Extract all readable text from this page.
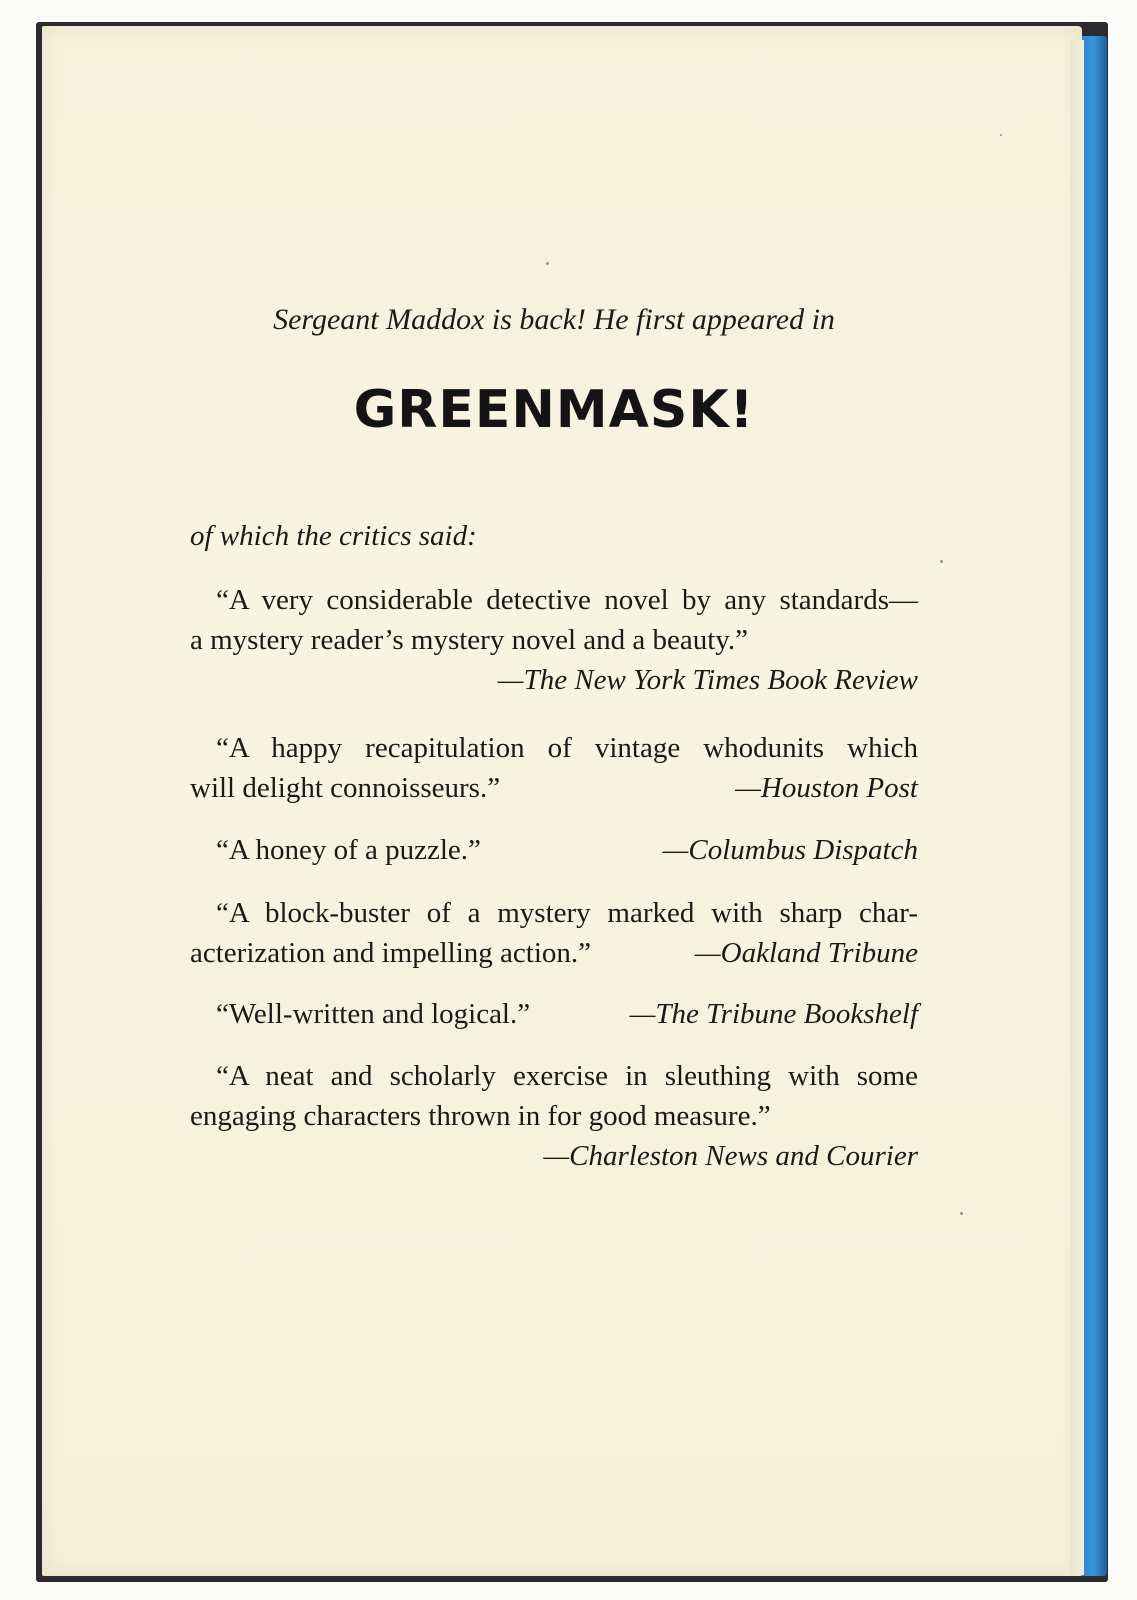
Sergeant Maddox is back! He first appeared in
GREENMASK!
of which the critics said:
“A very considerable detective novel by any standards—
a mystery reader’s mystery novel and a beauty.”
—The New York Times Book Review
“A happy recapitulation of vintage whodunits which
will delight connoisseurs.”	—Houston Post
“A honey of a puzzle.”	—Columbus Dispatch
“A block-buster of a mystery marked with sharp char-
acterization and impelling action.”	—Oakland Tribune
“Well-written and logical.”	—The Tribune Bookshelf
“A neat and scholarly exercise in sleuthing with some
engaging characters thrown in for good measure.”
—Charleston News and Courier
